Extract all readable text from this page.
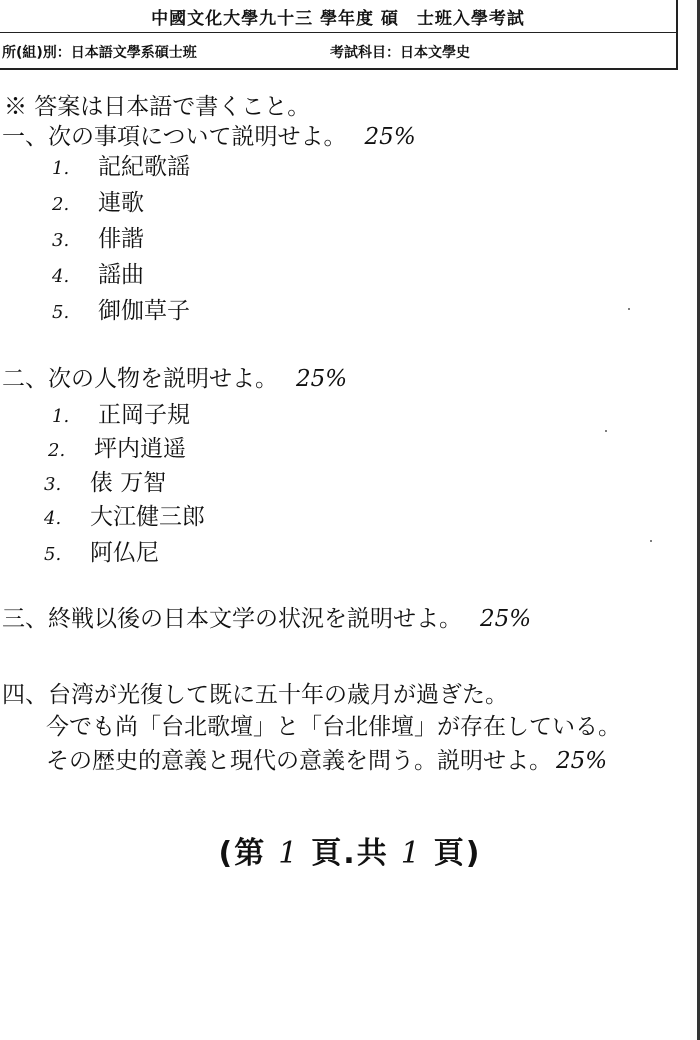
中國文化大學九十三 學年度 碩　士班入學考試
所(組)別：日本語文學系碩士班	考試科目：日本文學史
※ 答案は日本語で書くこと。
一、次の事項について説明せよ。 25%
1. 記紀歌謡
2. 連歌
3. 俳諧
4. 謡曲
5. 御伽草子
二、次の人物を説明せよ。 25%
1. 正岡子規
2. 坪内逍遥
3. 俵 万智
4. 大江健三郎
5. 阿仏尼
三、終戦以後の日本文学の状況を説明せよ。 25%
四、台湾が光復して既に五十年の歳月が過ぎた。
今でも尚「台北歌壇」と「台北俳壇」が存在している。
その歴史的意義と現代の意義を問う。説明せよ。 25%
(第 1 頁.共 1 頁)
